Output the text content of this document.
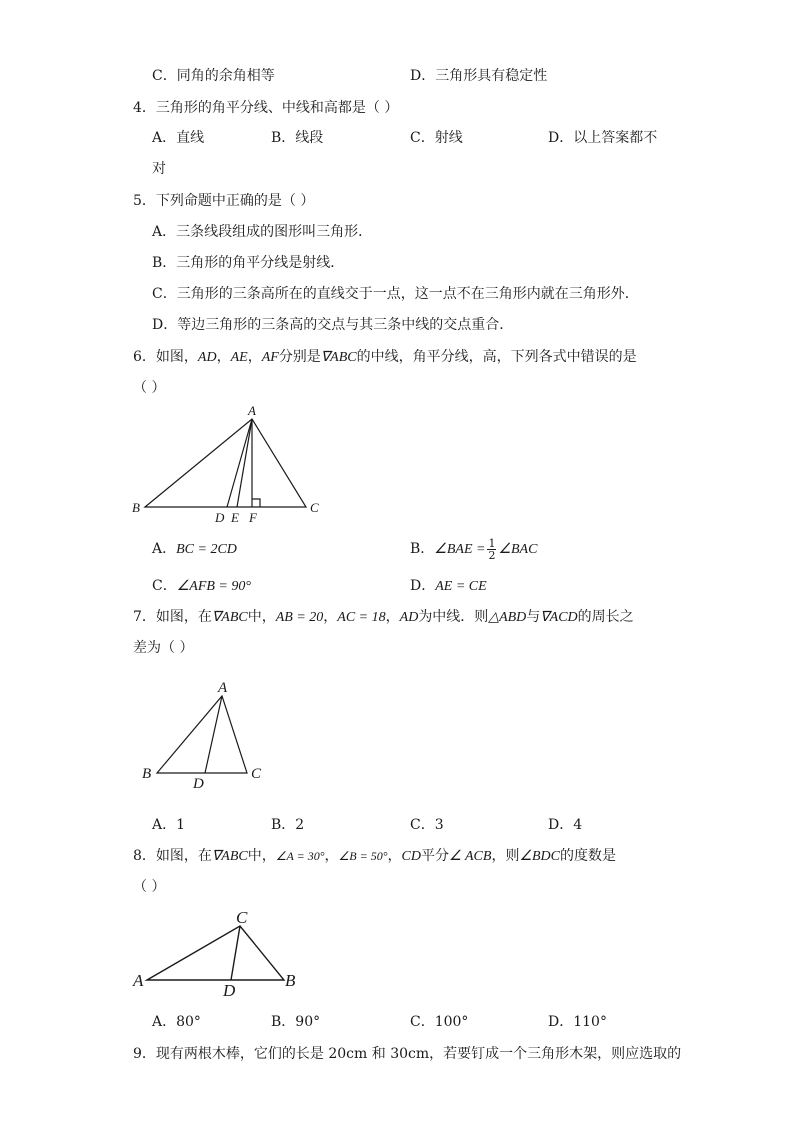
C．同角的余角相等	D．三角形具有稳定性
4．三角形的角平分线、中线和高都是（ ）
A．直线	B．线段	C．射线	D．以上答案都不
对
5．下列命题中正确的是（ ）
A．三条线段组成的图形叫三角形．
B．三角形的角平分线是射线．
C．三角形的三条高所在的直线交于一点，这一点不在三角形内就在三角形外．
D．等边三角形的三条高的交点与其三条中线的交点重合．
6．如图，AD，AE，AF分别是∇ABC的中线，角平分线，高，下列各式中错误的是
（ ）
A
B	C
D E F
A
B	C
D
C
A	B
D
A．BC = 2CD	B．∠BAE = $\frac{1}{2}$ ∠BAC
C．∠AFB = 90°	D．AE = CE
7．如图，在∇ABC中，AB = 20，AC = 18，AD为中线．则△ABD与∇ACD的周长之
差为（ ）
A．1	B．2	C．3	D．4
8．如图，在∇ABC中，∠A = 30°，∠B = 50°，CD平分∠ ACB，则∠BDC的度数是
（ ）
A．80°	B．90°	C．100°	D．110°
9．现有两根木棒，它们的长是 20cm 和 30cm，若要钉成一个三角形木架，则应选取的
